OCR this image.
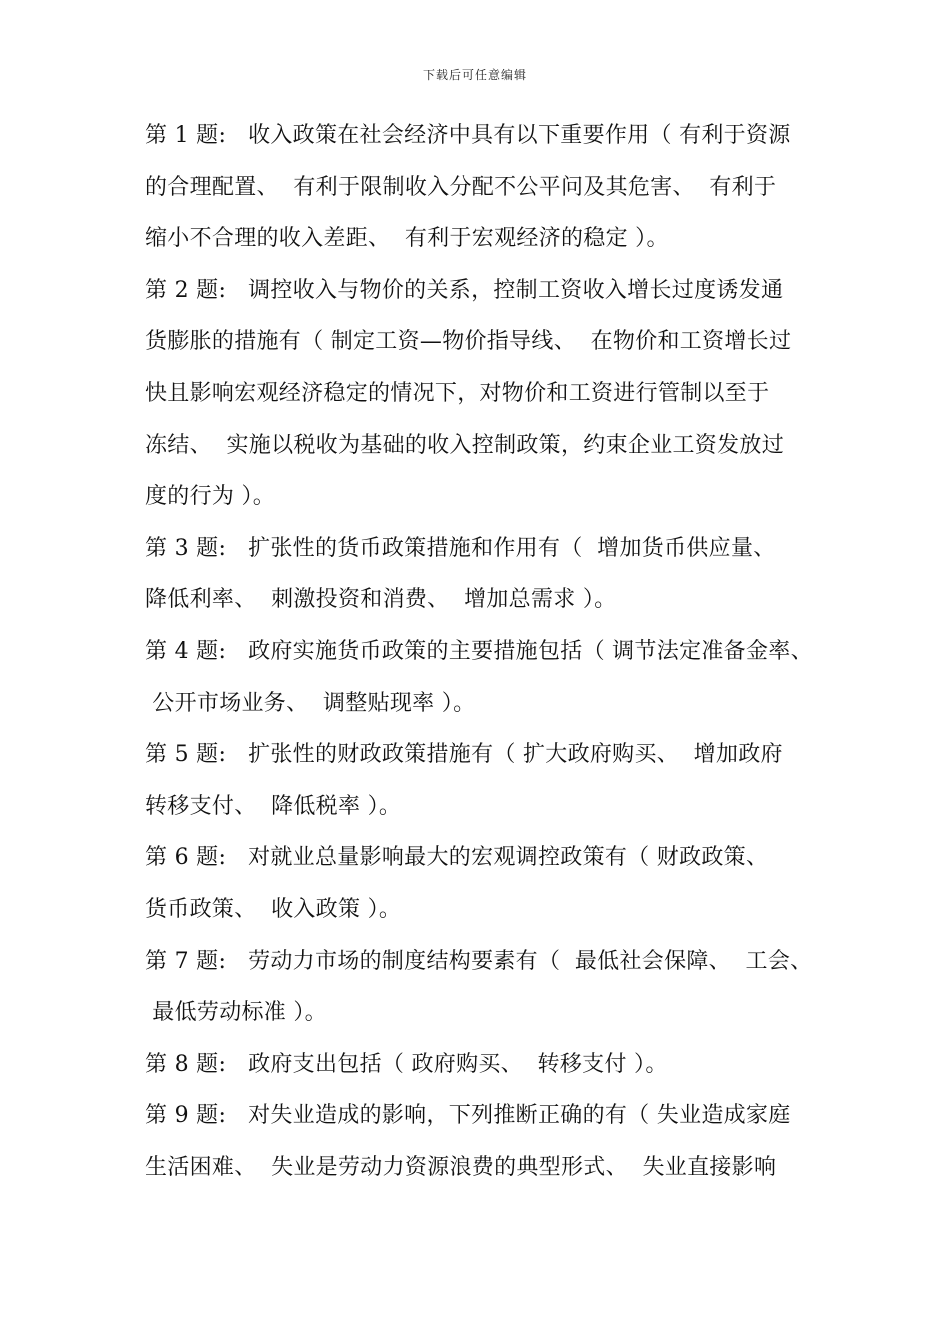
下载后可任意编辑
第 1 题:   收入政策在社会经济中具有以下重要作用（ 有利于资源
的合理配置、  有利于限制收入分配不公平问及其危害、  有利于
缩小不合理的收入差距、  有利于宏观经济的稳定 ）。
第 2 题:   调控收入与物价的关系，控制工资收入增长过度诱发通
货膨胀的措施有（ 制定工资—物价指导线、  在物价和工资增长过
快且影响宏观经济稳定的情况下，对物价和工资进行管制以至于
冻结、  实施以税收为基础的收入控制政策，约束企业工资发放过
度的行为 ）。
第 3 题:   扩张性的货币政策措施和作用有（  增加货币供应量、
降低利率、  刺激投资和消费、  增加总需求 ）。
第 4 题:   政府实施货币政策的主要措施包括（ 调节法定准备金率、
公开市场业务、  调整贴现率 ）。
第 5 题:   扩张性的财政政策措施有（ 扩大政府购买、  增加政府
转移支付、  降低税率 ）。
第 6 题:   对就业总量影响最大的宏观调控政策有（ 财政政策、
货币政策、  收入政策 ）。
第 7 题:   劳动力市场的制度结构要素有（  最低社会保障、  工会、
最低劳动标准 ）。
第 8 题:   政府支出包括（ 政府购买、  转移支付 ）。
第 9 题:   对失业造成的影响，下列推断正确的有（ 失业造成家庭
生活困难、  失业是劳动力资源浪费的典型形式、  失业直接影响
